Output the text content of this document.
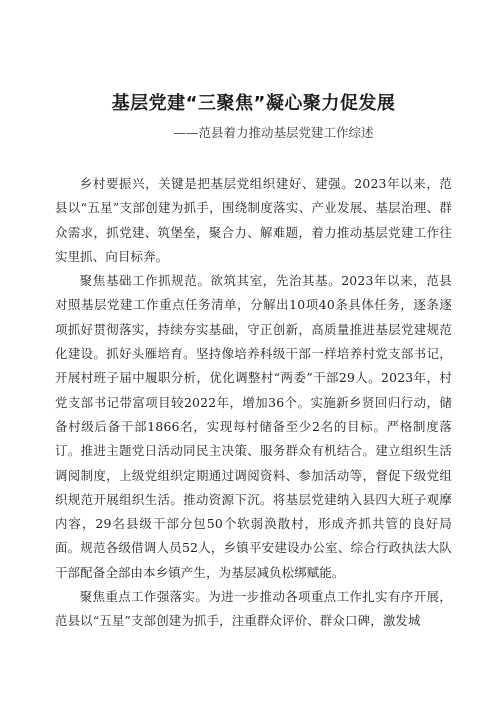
基层党建“三聚焦”凝心聚力促发展
——范县着力推动基层党建工作综述

乡村要振兴，关键是把基层党组织建好、建强。2023年以来，范县以“五星”支部创建为抓手，围绕制度落实、产业发展、基层治理、群众需求，抓党建、筑堡垒，聚合力、解难题，着力推动基层党建工作往实里抓、向目标奔。

聚焦基础工作抓规范。欲筑其室，先治其基。2023年以来，范县对照基层党建工作重点任务清单，分解出10项40条具体任务，逐条逐项抓好贯彻落实，持续夯实基础，守正创新，高质量推进基层党建规范化建设。抓好头雁培育。坚持像培养科级干部一样培养村党支部书记，开展村班子届中履职分析，优化调整村“两委”干部29人。2023年，村党支部书记带富项目较2022年，增加36个。实施新乡贤回归行动，储备村级后备干部1866名，实现每村储备至少2名的目标。严格制度落订。推进主题党日活动同民主决策、服务群众有机结合。建立组织生活调阅制度，上级党组织定期通过调阅资料、参加活动等，督促下级党组织规范开展组织生活。推动资源下沉。将基层党建纳入县四大班子观摩内容，29名县级干部分包50个软弱涣散村，形成齐抓共管的良好局面。规范各级借调人员52人，乡镇平安建设办公室、综合行政执法大队干部配备全部由本乡镇产生，为基层减负松绑赋能。

聚焦重点工作强落实。为进一步推动各项重点工作扎实有序开展，范县以“五星”支部创建为抓手，注重群众评价、群众口碑，激发城
